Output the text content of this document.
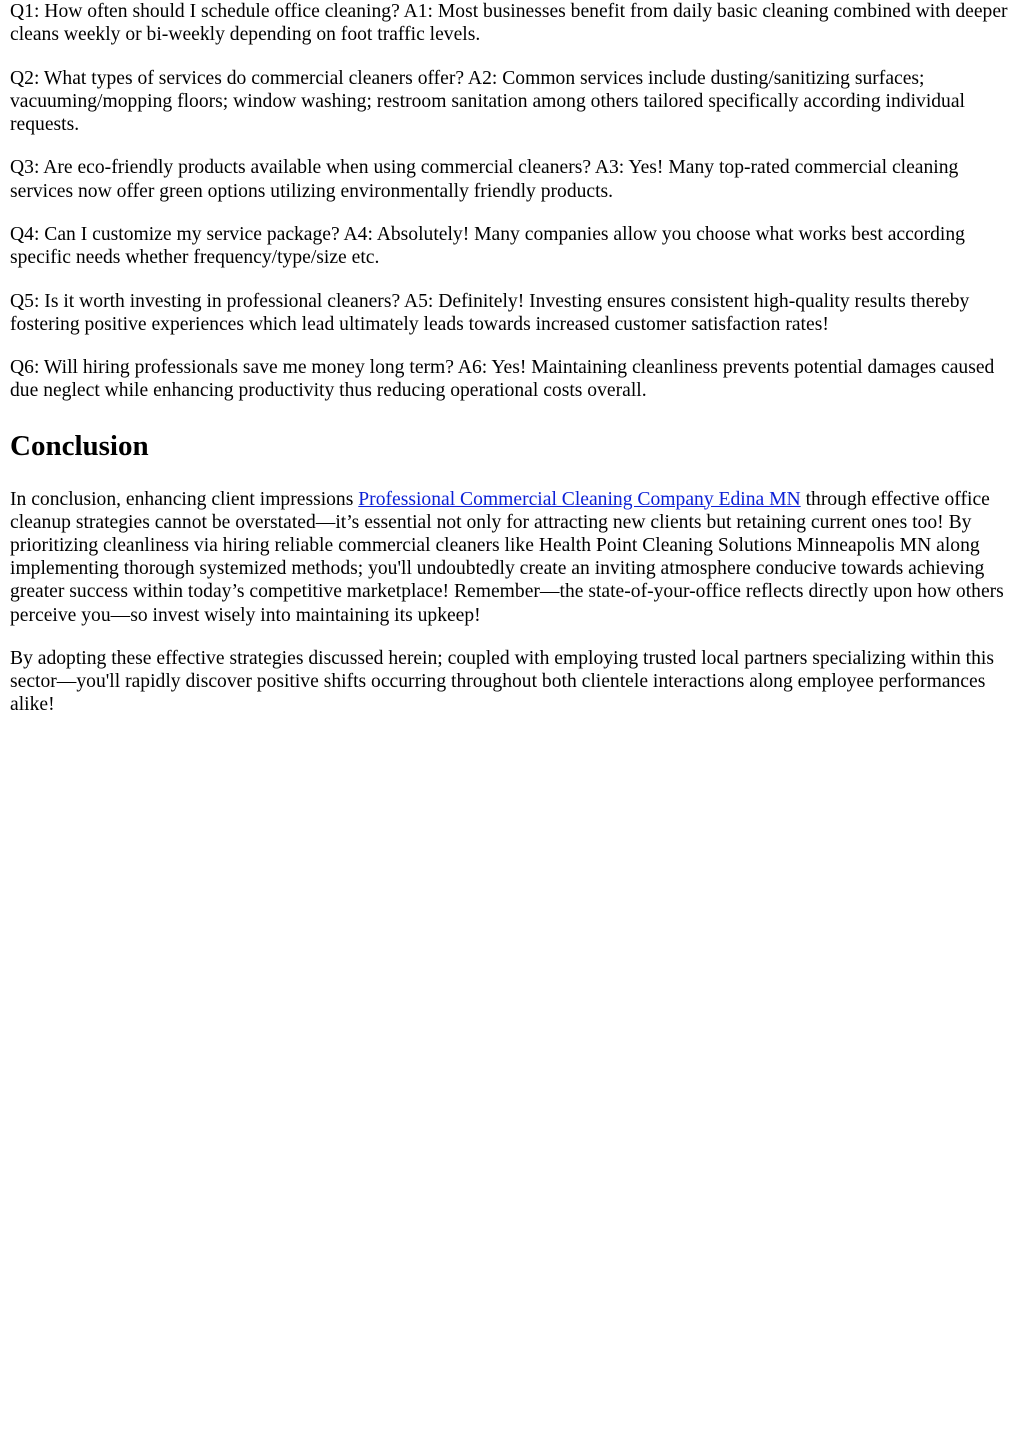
Q1: How often should I schedule office cleaning? A1: Most businesses benefit from daily basic cleaning combined with deeper cleans weekly or bi-weekly depending on foot traffic levels.

Q2: What types of services do commercial cleaners offer? A2: Common services include dusting/sanitizing surfaces; vacuuming/mopping floors; window washing; restroom sanitation among others tailored specifically according individual requests.

Q3: Are eco-friendly products available when using commercial cleaners? A3: Yes! Many top-rated commercial cleaning services now offer green options utilizing environmentally friendly products.

Q4: Can I customize my service package? A4: Absolutely! Many companies allow you choose what works best according specific needs whether frequency/type/size etc.

Q5: Is it worth investing in professional cleaners? A5: Definitely! Investing ensures consistent high-quality results thereby fostering positive experiences which lead ultimately leads towards increased customer satisfaction rates!

Q6: Will hiring professionals save me money long term? A6: Yes! Maintaining cleanliness prevents potential damages caused due neglect while enhancing productivity thus reducing operational costs overall.

Conclusion

In conclusion, enhancing client impressions Professional Commercial Cleaning Company Edina MN through effective office cleanup strategies cannot be overstated—it’s essential not only for attracting new clients but retaining current ones too! By prioritizing cleanliness via hiring reliable commercial cleaners like Health Point Cleaning Solutions Minneapolis MN along implementing thorough systemized methods; you'll undoubtedly create an inviting atmosphere conducive towards achieving greater success within today’s competitive marketplace! Remember—the state-of-your-office reflects directly upon how others perceive you—so invest wisely into maintaining its upkeep!

By adopting these effective strategies discussed herein; coupled with employing trusted local partners specializing within this sector—you'll rapidly discover positive shifts occurring throughout both clientele interactions along employee performances alike!
